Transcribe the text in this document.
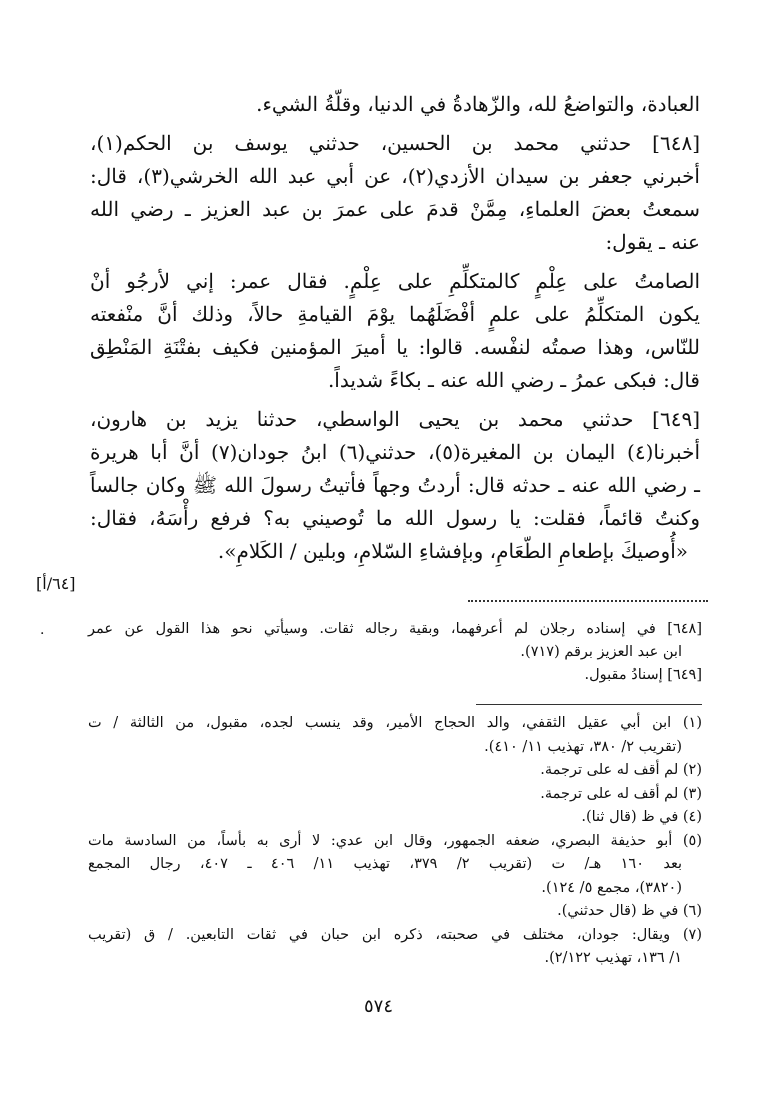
العبادة، والتواضعُ لله، والزّهادةُ في الدنيا، وقلّةُ الشيء.
[٦٤٨] حدثني محمد بن الحسين، حدثني يوسف بن الحكم(١)،
أخبرني جعفر بن سيدان الأزدي(٢)، عن أبي عبد الله الخرشي(٣)، قال:
سمعتُ بعضَ العلماءِ، مِمَّنْ قدمَ على عمرَ بن عبد العزيز ـ رضي الله
عنه ـ يقول:
الصامتُ على عِلْمٍ كالمتكلِّمِ على عِلْمٍ. فقال عمر: إني لأرجُو أنْ
يكون المتكلِّمُ على علمٍ أفْضَلَهُما يوْمَ القيامةِ حالاً، وذلك أنَّ منْفعته
للنّاس، وهذا صمتُه لنفْسه. قالوا: يا أميرَ المؤمنين فكيف بفتْنَةِ المَنْطِق
قال: فبكى عمرُ ـ رضي الله عنه ـ بكاءً شديداً.
[٦٤٩] حدثني محمد بن يحيى الواسطي، حدثنا يزيد بن هارون،
أخبرنا(٤) اليمان بن المغيرة(٥)، حدثني(٦) ابنُ جودان(٧) أنَّ أبا هريرة
ـ رضي الله عنه ـ حدثه قال: أردتُ وجهاً فأتيتُ رسولَ الله ﷺ وكان جالساً
وكنتُ قائماً، فقلت: يا رسول الله ما تُوصيني به؟ فرفع رأْسَهُ، فقال:
«أُوصيكَ بإطعامِ الطّعَامِ، وبإفشاءِ السّلامِ، وبلين / الكَلامِ».
[٦٤/أ]
·	[٦٤٨] في إسناده رجلان لم أعرفهما، وبقية رجاله ثقات. وسيأتي نحو هذا القول عن عمر
ابن عبد العزيز برقم (٧١٧).
[٦٤٩] إسنادُ مقبول.
(١) ابن أبي عقيل الثقفي، والد الحجاج الأمير، وقد ينسب لجده، مقبول، من الثالثة / ت
(تقريب ٢/ ٣٨٠، تهذيب ١١/ ٤١٠).
(٢) لم أقف له على ترجمة.
(٣) لم أقف له على ترجمة.
(٤) في ظ (قال ثنا).
(٥) أبو حذيفة البصري، ضعفه الجمهور، وقال ابن عدي: لا أرى به بأساً، من السادسة مات
بعد ١٦٠ هـ/ ت (تقريب ٢/ ٣٧٩، تهذيب ١١/ ٤٠٦ ـ ٤٠٧، رجال المجمع
(٣٨٢٠)، مجمع ٥/ ١٢٤).
(٦) في ظ (قال حدثني).
(٧) ويقال: جودان، مختلف في صحبته، ذكره ابن حبان في ثقات التابعين. / ق (تقريب
١/ ١٣٦، تهذيب ٢/١٢٢).
٥٧٤
